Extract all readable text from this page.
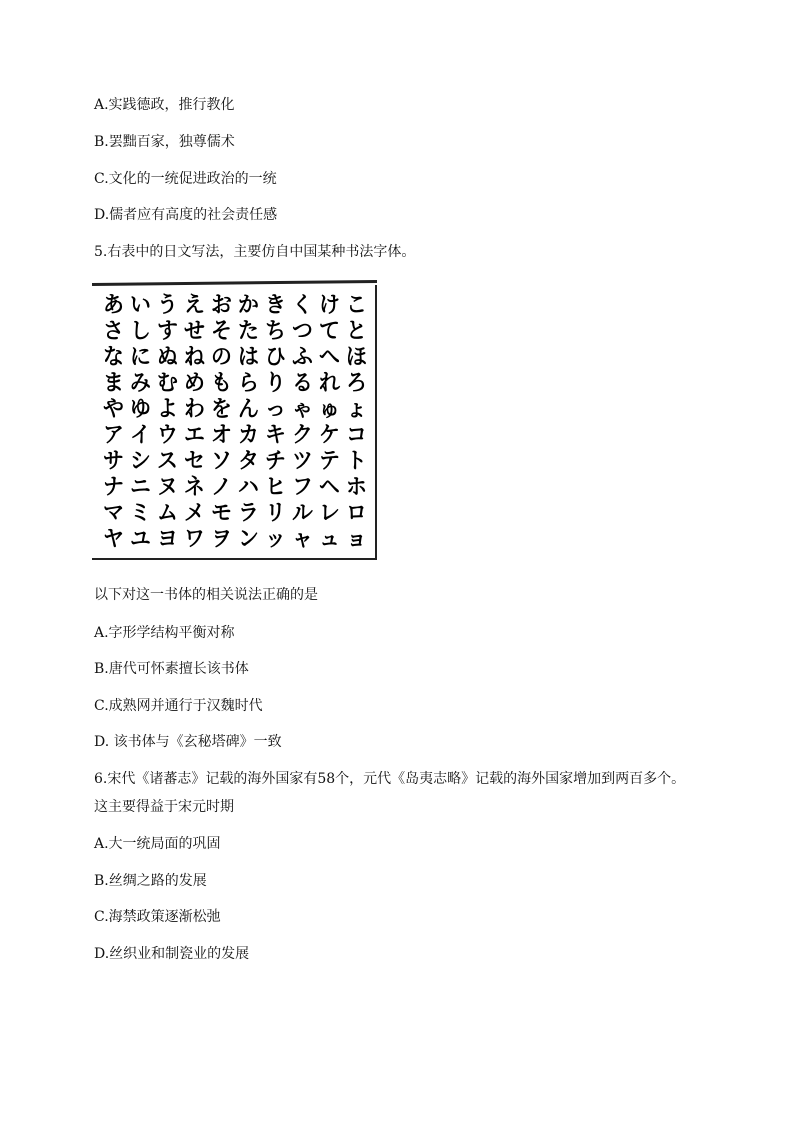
A.实践德政，推行教化
B.罢黜百家，独尊儒术
C.文化的一统促进政治的一统
D.儒者应有高度的社会责任感
5.右表中的日文写法，主要仿自中国某种书法字体。
あ い う え お か き く け こ
さ し す せ そ た ち つ て と
な に ぬ ね の は ひ ふ へ ほ
ま み む め も ら り る れ ろ
や ゆ よ わ を ん っ ゃ ゅ ょ
ア イ ウ エ オ カ キ ク ケ コ
サ シ ス セ ソ タ チ ツ テ ト
ナ ニ ヌ ネ ノ ハ ヒ フ ヘ ホ
マ ミ ム メ モ ラ リ ル レ ロ
ヤ ユ ヨ ワ ヲ ン ッ ャ ュ ョ
以下对这一书体的相关说法正确的是
A.字形学结构平衡对称
B.唐代可怀素擅长该书体
C.成熟网并通行于汉魏时代
D. 该书体与《玄秘塔碑》一致
6.宋代《诸蕃志》记载的海外国家有58个，元代《岛夷志略》记载的海外国家增加到两百多个。
这主要得益于宋元时期
A.大一统局面的巩固
B.丝绸之路的发展
C.海禁政策逐渐松弛
D.丝织业和制瓷业的发展
